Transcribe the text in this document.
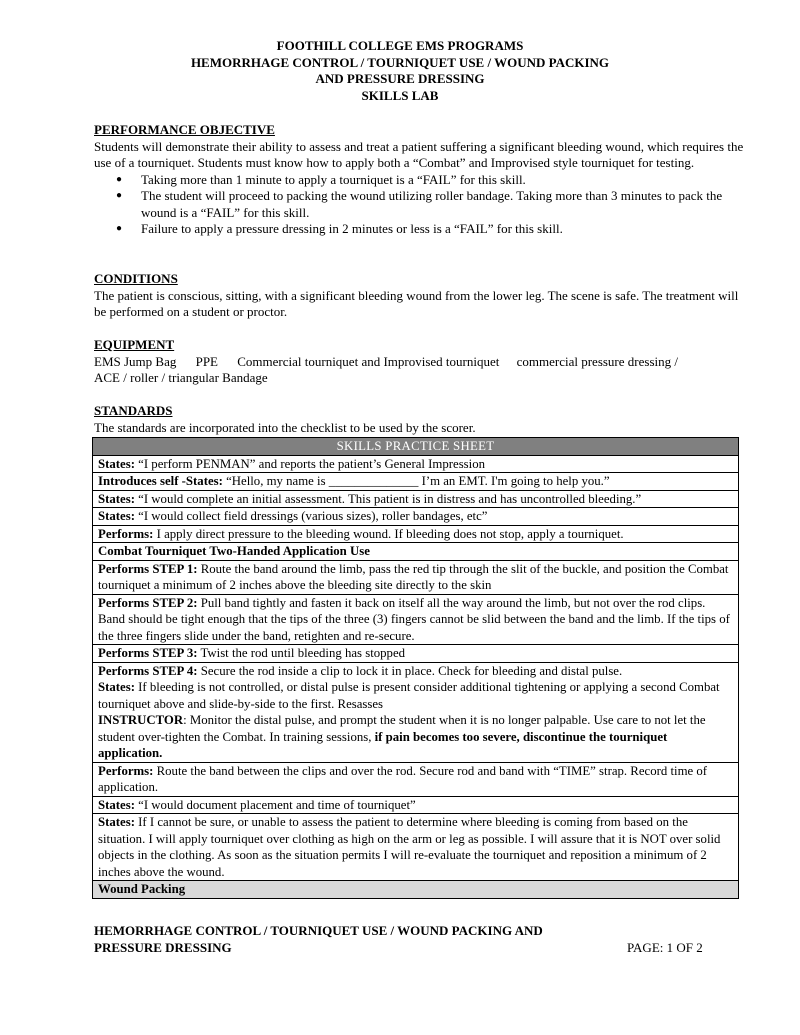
FOOTHILL COLLEGE EMS PROGRAMS
HEMORRHAGE CONTROL / TOURNIQUET USE / WOUND PACKING
AND PRESSURE DRESSING
SKILLS LAB
PERFORMANCE OBJECTIVE

Students will demonstrate their ability to assess and treat a patient suffering a significant bleeding wound, which requires the use of a tourniquet. Students must know how to apply both a “Combat” and Improvised style tourniquet for testing.

● Taking more than 1 minute to apply a tourniquet is a “FAIL” for this skill.
● The student will proceed to packing the wound utilizing roller bandage. Taking more than 3 minutes to pack the wound is a “FAIL” for this skill.
● Failure to apply a pressure dressing in 2 minutes or less is a “FAIL” for this skill.
CONDITIONS

The patient is conscious, sitting, with a significant bleeding wound from the lower leg. The scene is safe. The treatment will be performed on a student or proctor.

EQUIPMENT

EMS Jump Bag PPE Commercial tourniquet and Improvised tourniquet commercial pressure dressing /

ACE / roller / triangular Bandage

STANDARDS

The standards are incorporated into the checklist to be used by the scorer.

SKILLS PRACTICE SHEET
States: “I perform PENMAN” and reports the patient’s General Impression
Introduces self -States: “Hello, my name is ______________ I’m an EMT. I'm going to help you.”
States: “I would complete an initial assessment. This patient is in distress and has uncontrolled bleeding.”
States: “I would collect field dressings (various sizes), roller bandages, etc”
Performs: I apply direct pressure to the bleeding wound. If bleeding does not stop, apply a tourniquet.
Combat Tourniquet Two-Handed Application Use
Performs STEP 1: Route the band around the limb, pass the red tip through the slit of the buckle, and position the Combat tourniquet a minimum of 2 inches above the bleeding site directly to the skin
Performs STEP 2: Pull band tightly and fasten it back on itself all the way around the limb, but not over the rod clips. Band should be tight enough that the tips of the three (3) fingers cannot be slid between the band and the limb. If the tips of the three fingers slide under the band, retighten and re-secure.
Performs STEP 3: Twist the rod until bleeding has stopped
Performs STEP 4: Secure the rod inside a clip to lock it in place. Check for bleeding and distal pulse.
States: If bleeding is not controlled, or distal pulse is present consider additional tightening or applying a second Combat tourniquet above and slide-by-side to the first. Resasses
INSTRUCTOR: Monitor the distal pulse, and prompt the student when it is no longer palpable. Use care to not let the student over-tighten the Combat. In training sessions, if pain becomes too severe, discontinue the tourniquet application.
Performs: Route the band between the clips and over the rod. Secure rod and band with “TIME” strap. Record time of application.
States: “I would document placement and time of tourniquet”
States: If I cannot be sure, or unable to assess the patient to determine where bleeding is coming from based on the situation. I will apply tourniquet over clothing as high on the arm or leg as possible. I will assure that it is NOT over solid objects in the clothing. As soon as the situation permits I will re-evaluate the tourniquet and reposition a minimum of 2 inches above the wound.
Wound Packing
HEMORRHAGE CONTROL / TOURNIQUET USE / WOUND PACKING AND
PRESSURE DRESSING	PAGE: 1 OF 2
